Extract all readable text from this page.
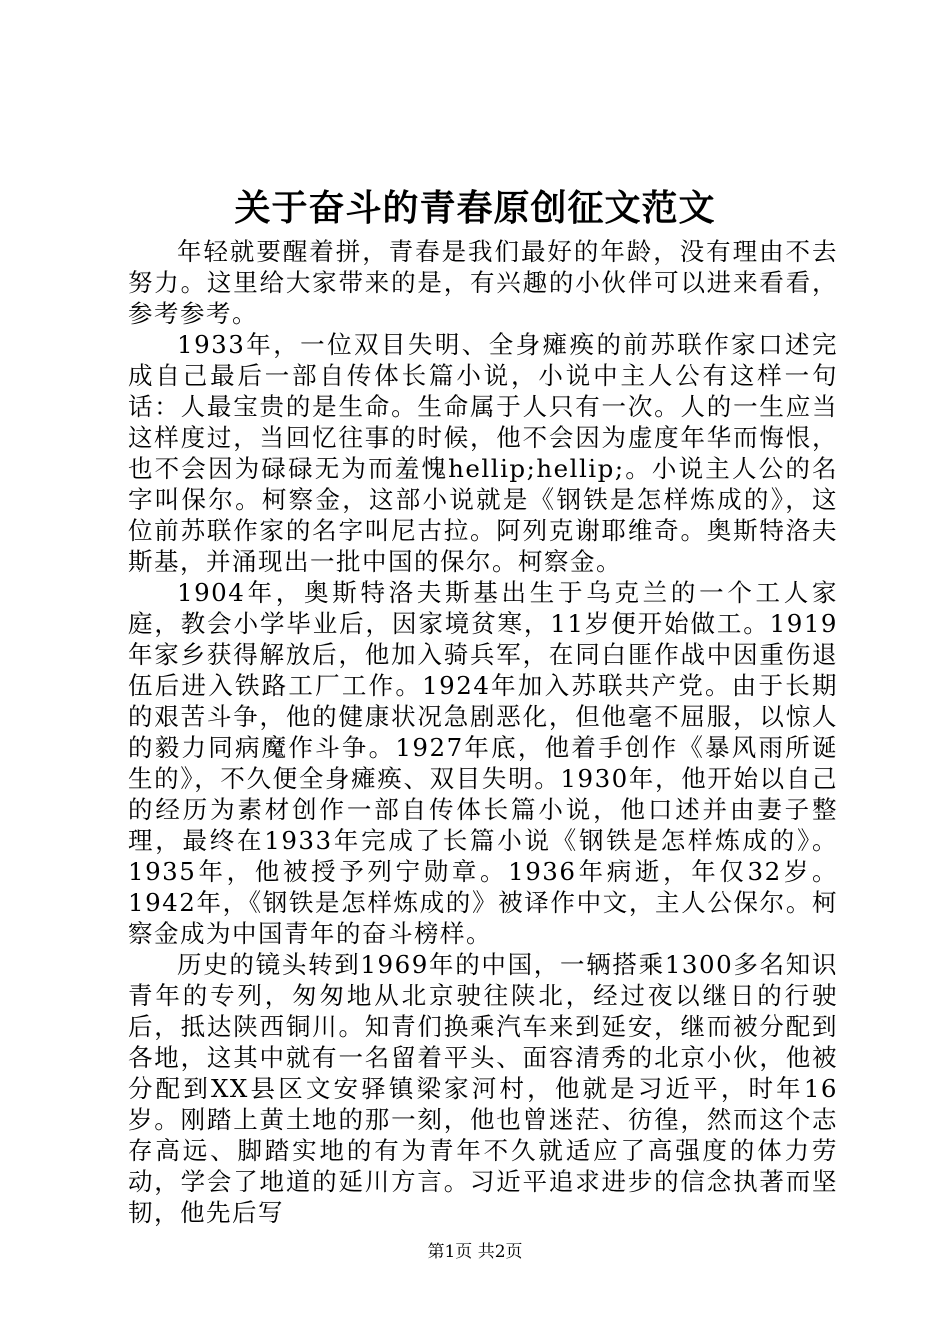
关于奋斗的青春原创征文范文

年轻就要醒着拼，青春是我们最好的年龄，没有理由不去努力。这里给大家带来的是，有兴趣的小伙伴可以进来看看，参考参考。

1933年，一位双目失明、全身瘫痪的前苏联作家口述完成自己最后一部自传体长篇小说，小说中主人公有这样一句话：人最宝贵的是生命。生命属于人只有一次。人的一生应当这样度过，当回忆往事的时候，他不会因为虚度年华而悔恨，也不会因为碌碌无为而羞愧hellip;hellip;。小说主人公的名字叫保尔。柯察金，这部小说就是《钢铁是怎样炼成的》，这位前苏联作家的名字叫尼古拉。阿列克谢耶维奇。奥斯特洛夫斯基，并涌现出一批中国的保尔。柯察金。

1904年，奥斯特洛夫斯基出生于乌克兰的一个工人家庭，教会小学毕业后，因家境贫寒，11岁便开始做工。1919年家乡获得解放后，他加入骑兵军，在同白匪作战中因重伤退伍后进入铁路工厂工作。1924年加入苏联共产党。由于长期的艰苦斗争，他的健康状况急剧恶化，但他毫不屈服，以惊人的毅力同病魔作斗争。1927年底，他着手创作《暴风雨所诞生的》，不久便全身瘫痪、双目失明。1930年，他开始以自己的经历为素材创作一部自传体长篇小说，他口述并由妻子整理，最终在1933年完成了长篇小说《钢铁是怎样炼成的》。1935年，他被授予列宁勋章。1936年病逝，年仅32岁。1942年，《钢铁是怎样炼成的》被译作中文，主人公保尔。柯察金成为中国青年的奋斗榜样。

历史的镜头转到1969年的中国，一辆搭乘1300多名知识青年的专列，匆匆地从北京驶往陕北，经过夜以继日的行驶后，抵达陕西铜川。知青们换乘汽车来到延安，继而被分配到各地，这其中就有一名留着平头、面容清秀的北京小伙，他被分配到XX县区文安驿镇梁家河村，他就是习近平，时年16岁。刚踏上黄土地的那一刻，他也曾迷茫、彷徨，然而这个志存高远、脚踏实地的有为青年不久就适应了高强度的体力劳动，学会了地道的延川方言。习近平追求进步的信念执著而坚韧，他先后写

第1页 共2页
